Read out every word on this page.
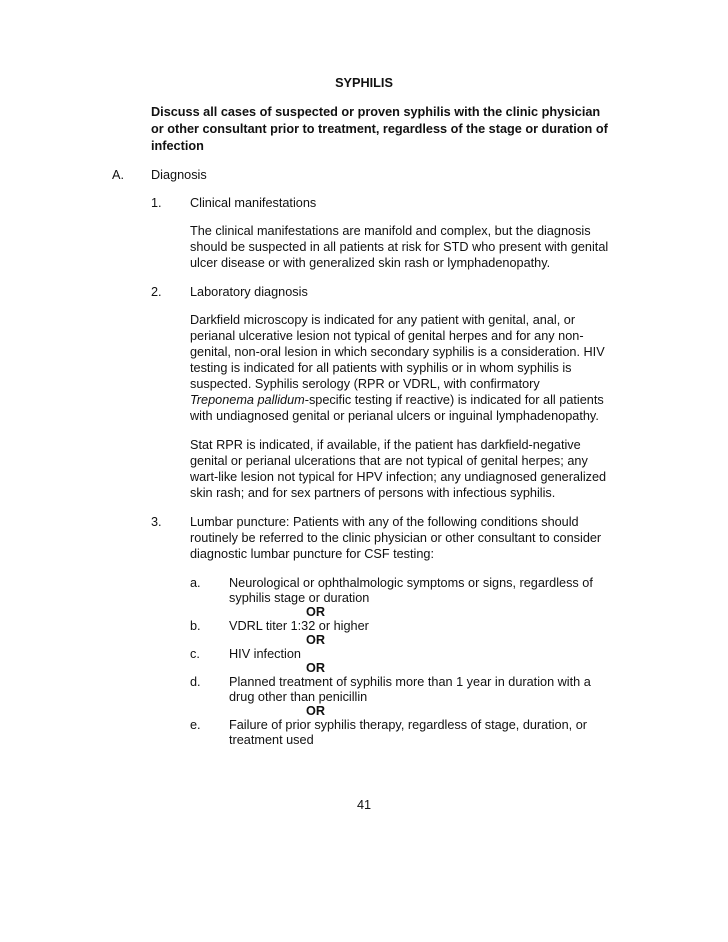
SYPHILIS
Discuss all cases of suspected or proven syphilis with the clinic physician
or other consultant prior to treatment, regardless of the stage or duration of
infection
A. Diagnosis
1. Clinical manifestations
The clinical manifestations are manifold and complex, but the diagnosis
should be suspected in all patients at risk for STD who present with genital
ulcer disease or with generalized skin rash or lymphadenopathy.
2. Laboratory diagnosis
Darkfield microscopy is indicated for any patient with genital, anal, or
perianal ulcerative lesion not typical of genital herpes and for any non-
genital, non-oral lesion in which secondary syphilis is a consideration. HIV
testing is indicated for all patients with syphilis or in whom syphilis is
suspected. Syphilis serology (RPR or VDRL, with confirmatory
Treponema pallidum-specific testing if reactive) is indicated for all patients
with undiagnosed genital or perianal ulcers or inguinal lymphadenopathy.
Stat RPR is indicated, if available, if the patient has darkfield-negative
genital or perianal ulcerations that are not typical of genital herpes; any
wart-like lesion not typical for HPV infection; any undiagnosed generalized
skin rash; and for sex partners of persons with infectious syphilis.
3. Lumbar puncture: Patients with any of the following conditions should
routinely be referred to the clinic physician or other consultant to consider
diagnostic lumbar puncture for CSF testing:
a. Neurological or ophthalmologic symptoms or signs, regardless of
syphilis stage or duration
OR
b. VDRL titer 1:32 or higher
OR
c. HIV infection
OR
d. Planned treatment of syphilis more than 1 year in duration with a
drug other than penicillin
OR
e. Failure of prior syphilis therapy, regardless of stage, duration, or
treatment used
41
